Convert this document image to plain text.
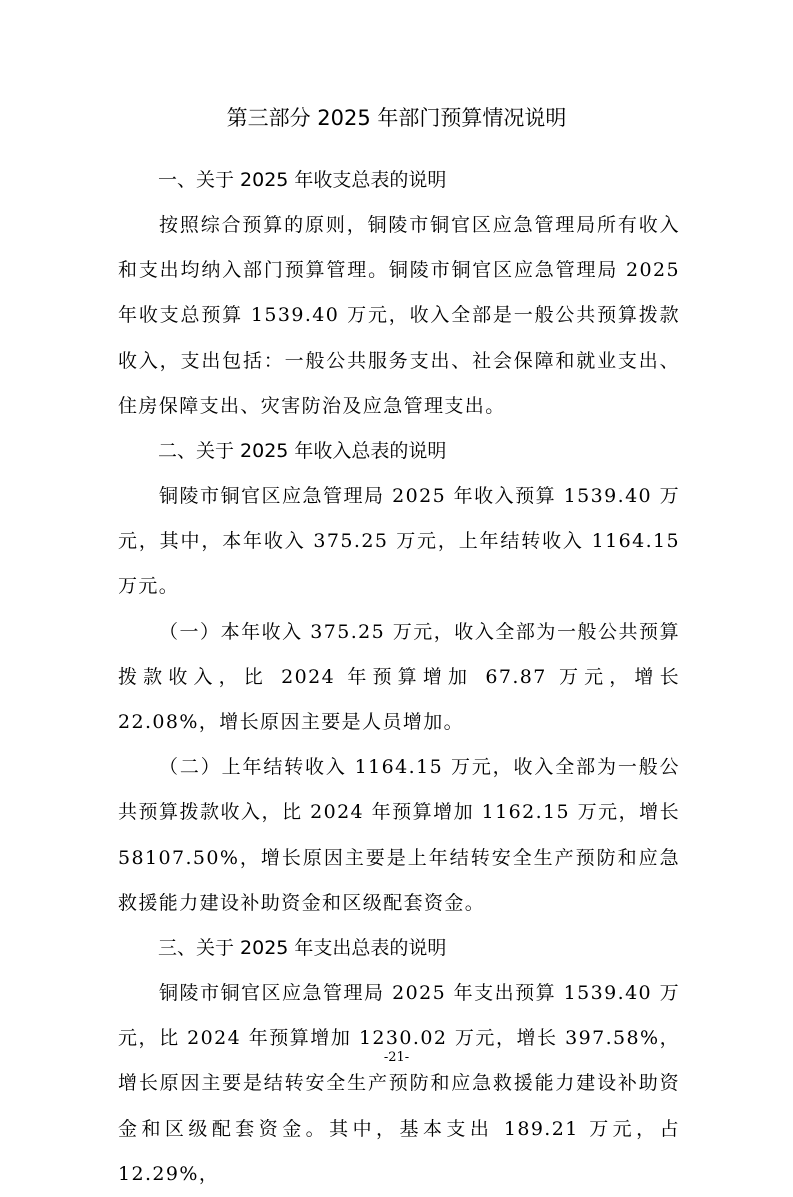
第三部分 2025 年部门预算情况说明
一、关于 2025 年收支总表的说明

按照综合预算的原则，铜陵市铜官区应急管理局所有收入和支出均纳入部门预算管理。铜陵市铜官区应急管理局 2025 年收支总预算 1539.40 万元，收入全部是一般公共预算拨款收入，支出包括：一般公共服务支出、社会保障和就业支出、住房保障支出、灾害防治及应急管理支出。

二、关于 2025 年收入总表的说明

铜陵市铜官区应急管理局 2025 年收入预算 1539.40 万元，其中，本年收入 375.25 万元，上年结转收入 1164.15 万元。

（一）本年收入 375.25 万元，收入全部为一般公共预算拨款收入，比 2024 年预算增加 67.87 万元，增长 22.08%，增长原因主要是人员增加。

（二）上年结转收入 1164.15 万元，收入全部为一般公共预算拨款收入，比 2024 年预算增加 1162.15 万元，增长 58107.50%，增长原因主要是上年结转安全生产预防和应急救援能力建设补助资金和区级配套资金。

三、关于 2025 年支出总表的说明

铜陵市铜官区应急管理局 2025 年支出预算 1539.40 万元，比 2024 年预算增加 1230.02 万元，增长 397.58%，增长原因主要是结转安全生产预防和应急救援能力建设补助资金和区级配套资金。其中，基本支出 189.21 万元，占 12.29%，

-21-
